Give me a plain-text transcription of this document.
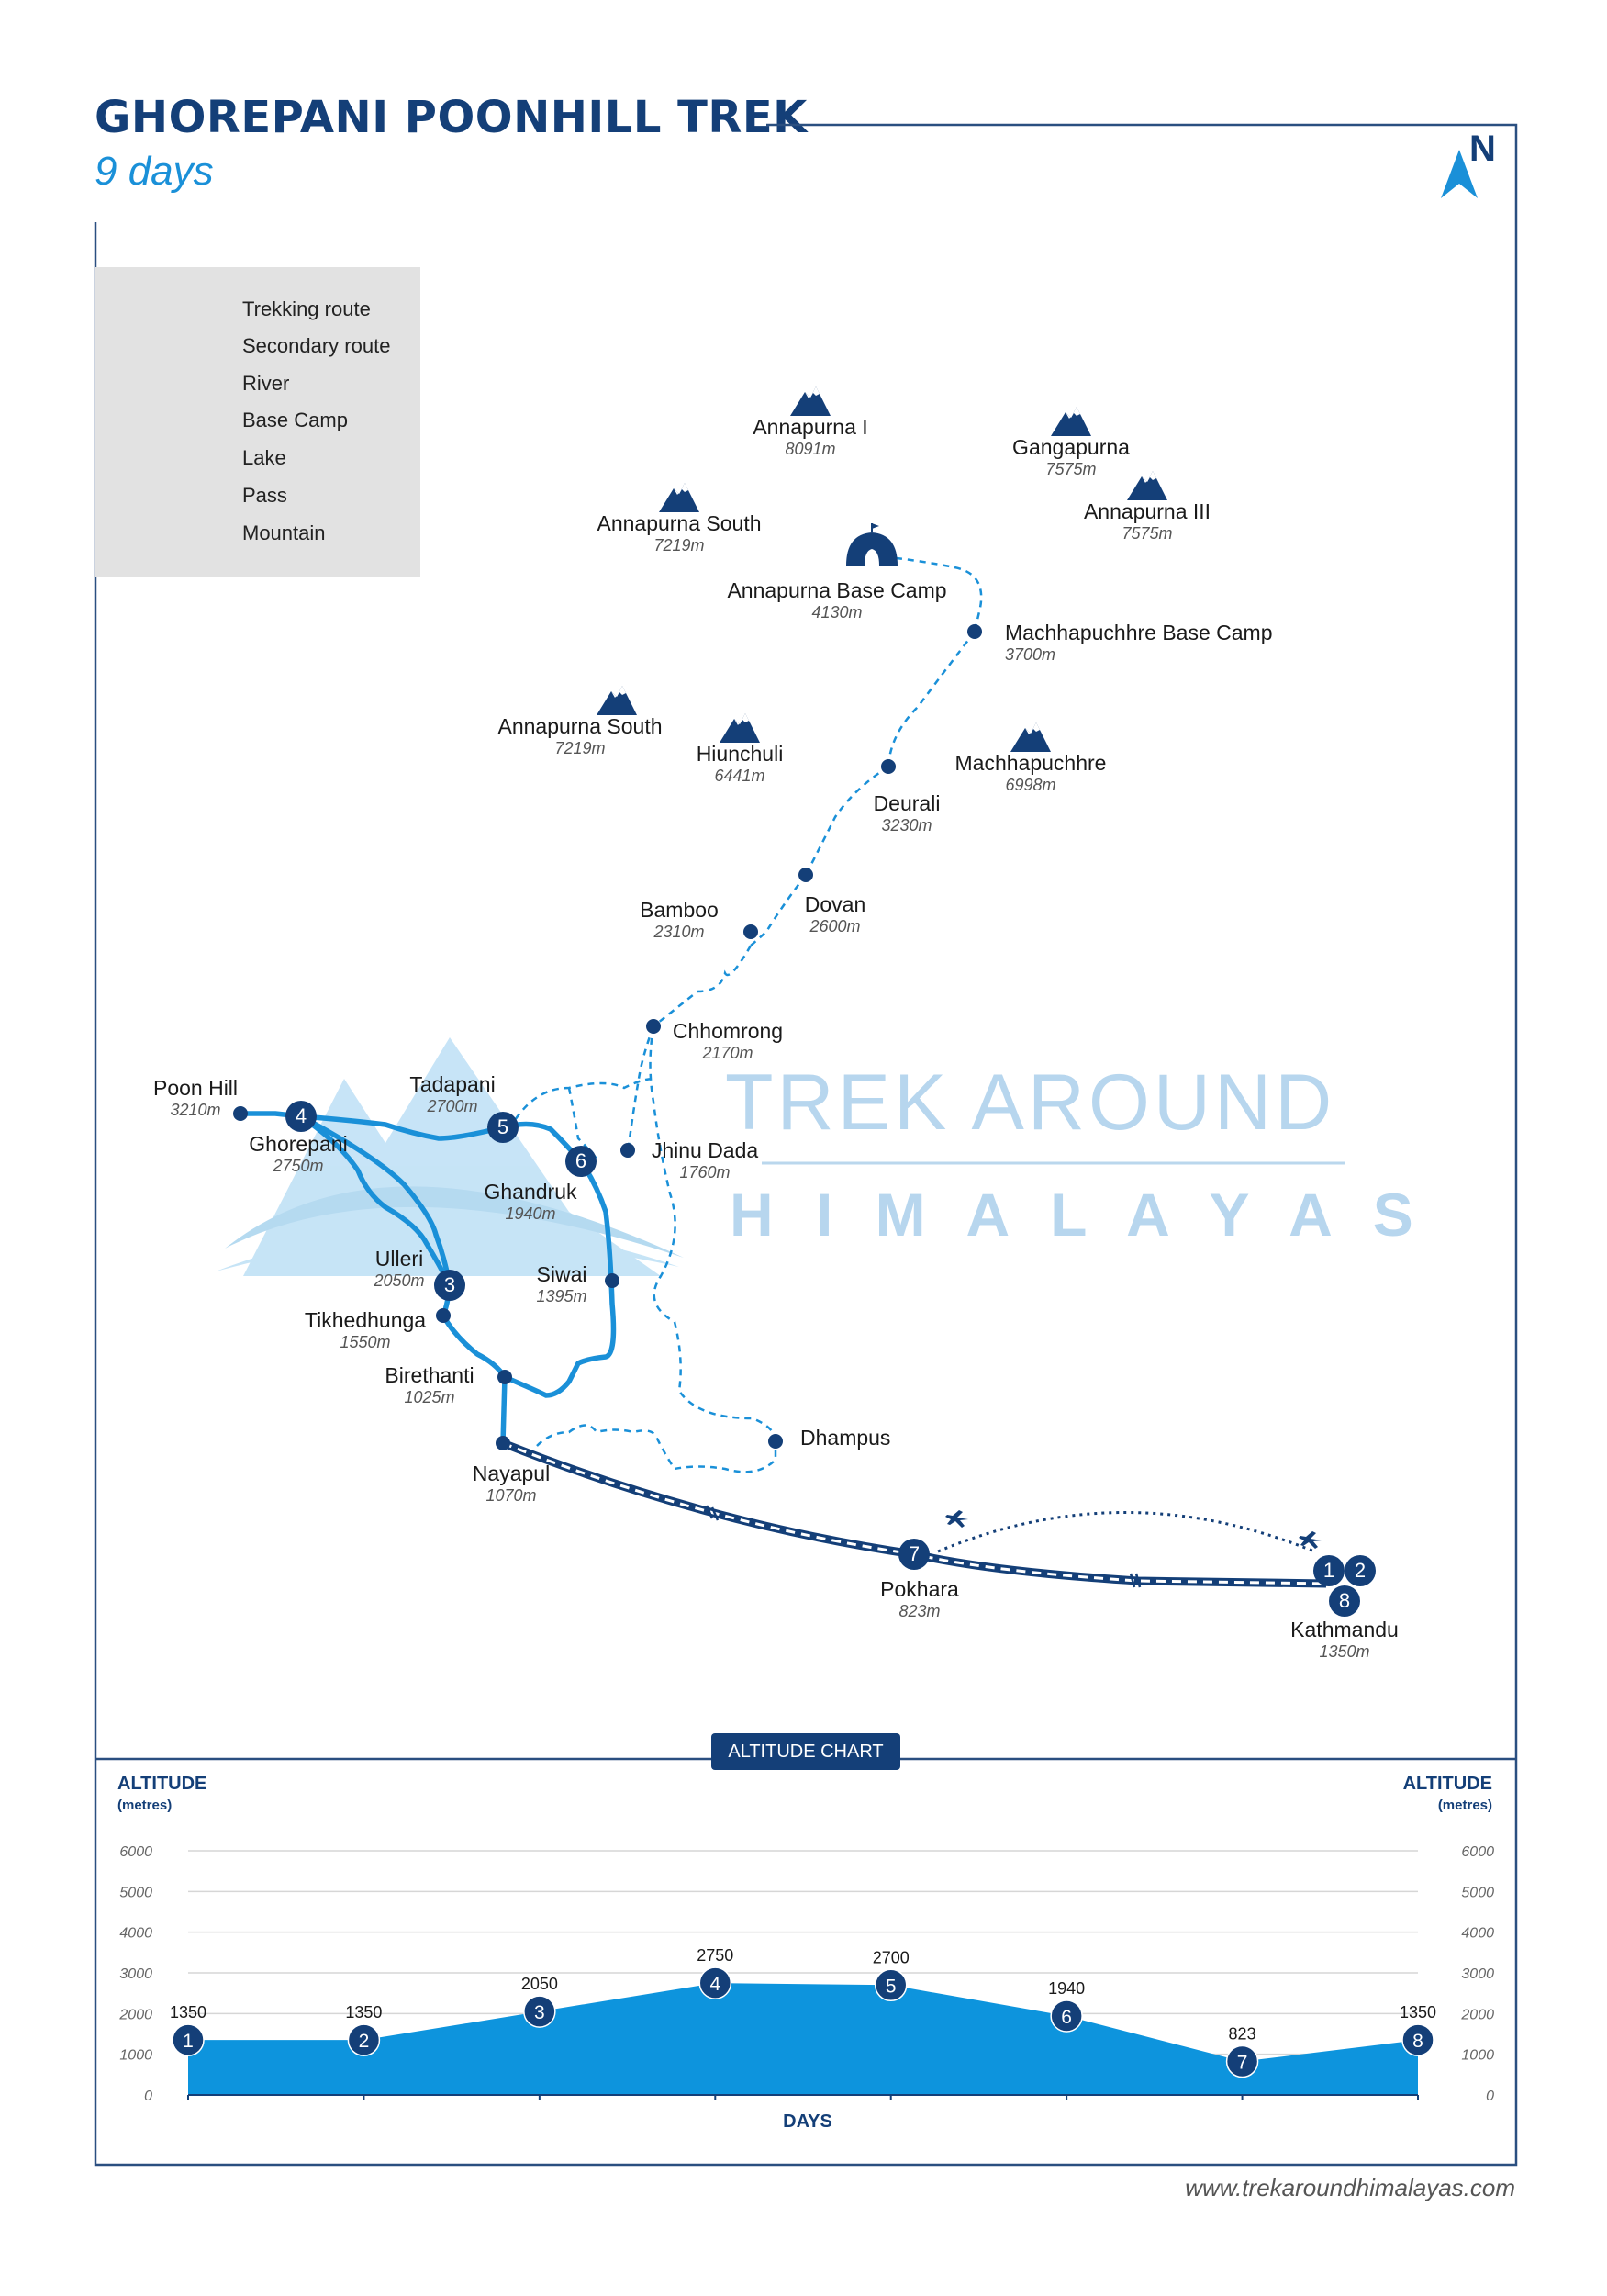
GHOREPANI POONHILL TREK
9 days
TREK AROUND
H I M A L A Y A S
N
Trekking route
Secondary route
River
Base Camp
Lake
Pass
Mountain
Annapurna I
8091m	Gangapurna
7575m
Annapurna III
7575m
Annapurna South
7219m
Annapurna South
7219m	Hiunchuli
6441m
Machhapuchhre
6998m
Annapurna Base Camp
4130m
Machhapuchhre Base Camp
3700m
Deurali
3230m
Dovan
2600m
Bamboo
2310m
Chhomrong
2170m
Poon Hill
3210m
Ghorepani
2750m
Tadapani
2700m
Jhinu Dada
1760m
Ghandruk
1940m
Ulleri
2050m	Siwai
1395m
Tikhedhunga
1550m
Birethanti
1025m
Dhampus
Nayapul
1070m
Pokhara
823m
Kathmandu
1350m
4	5
6
3
7
1 2
8
ALTITUDE CHART
ALTITUDE
(metres)
ALTITUDE
(metres)
0	0
1000	1000
2000	2000
3000	3000
4000	4000
5000	5000
6000	6000
1
1350
2
1350	3
2050	4
2750
5
2700
6
1940
7
823	8
1350
DAYS
www.trekaroundhimalayas.com
